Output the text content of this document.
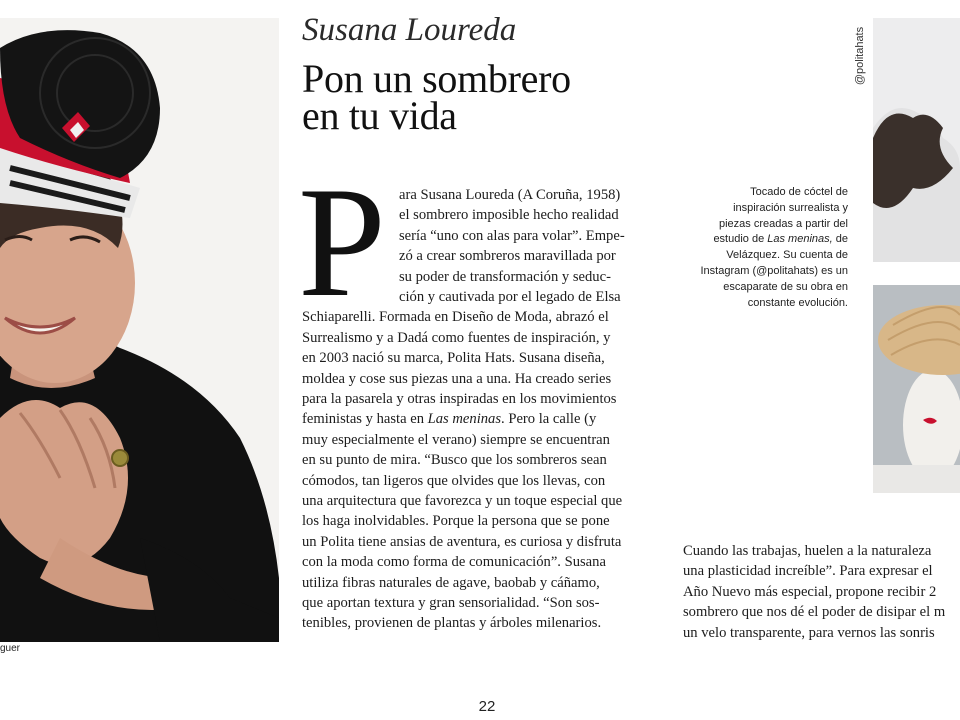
guer
Susana Loureda
Pon un sombrero
en tu vida
P ara Susana Loureda (A Coruña, 1958)
el sombrero imposible hecho realidad
sería “uno con alas para volar”. Empe-
zó a crear sombreros maravillada por
su poder de transformación y seduc-
ción y cautivada por el legado de Elsa
Schiaparelli. Formada en Diseño de Moda, abrazó el
Surrealismo y a Dadá como fuentes de inspiración, y
en 2003 nació su marca, Polita Hats. Susana diseña,
moldea y cose sus piezas una a una. Ha creado series
para la pasarela y otras inspiradas en los movimientos
feministas y hasta en Las meninas. Pero la calle (y
muy especialmente el verano) siempre se encuentran
en su punto de mira. “Busco que los sombreros sean
cómodos, tan ligeros que olvides que los llevas, con
una arquitectura que favorezca y un toque especial que
los haga inolvidables. Porque la persona que se pone
un Polita tiene ansias de aventura, es curiosa y disfruta
con la moda como forma de comunicación”. Susana
utiliza fibras naturales de agave, baobab y cáñamo,
que aportan textura y gran sensorialidad. “Son sos-
tenibles, provienen de plantas y árboles milenarios.
Cuando las trabajas, huelen a la naturaleza
una plasticidad increíble”. Para expresar el
Año Nuevo más especial, propone recibir 2
sombrero que nos dé el poder de disipar el m
un velo transparente, para vernos las sonris
Tocado de cóctel de inspiración surrealista y piezas creadas a partir del estudio de Las meninas, de Velázquez. Su cuenta de Instagram (@politahats) es un escaparate de su obra en constante evolución.
@politahats
22
